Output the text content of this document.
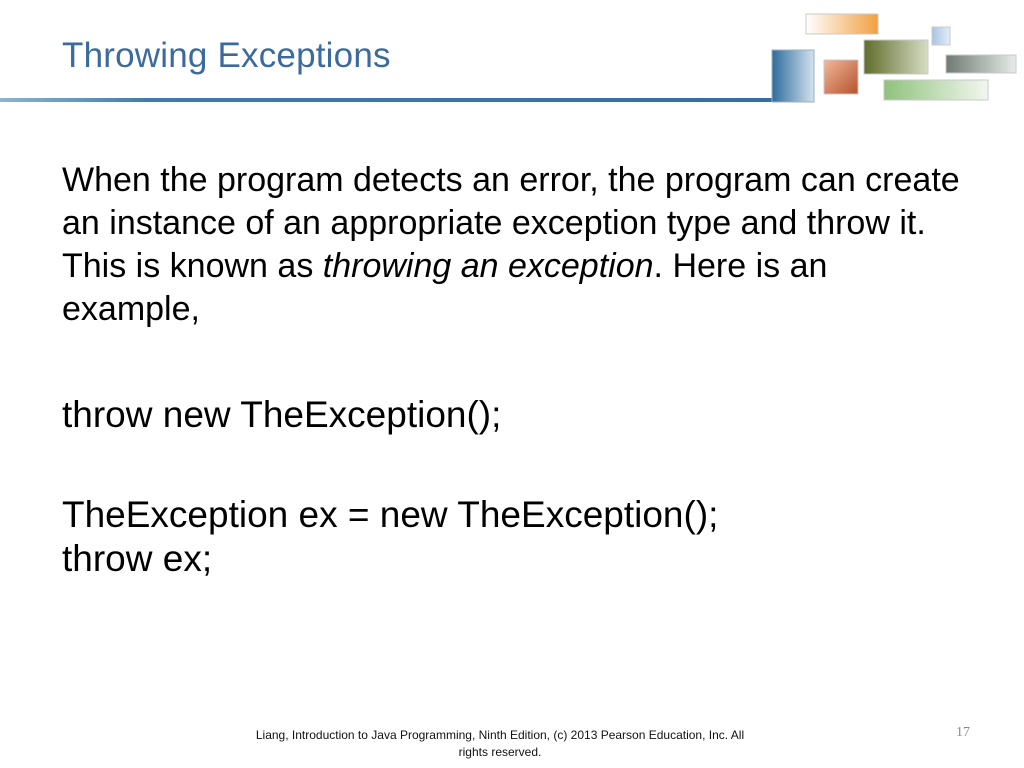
Throwing Exceptions

When the program detects an error, the program can create an instance of an appropriate exception type and throw it. This is known as throwing an exception. Here is an example,

throw new TheException();
TheException ex = new TheException();
throw ex;
Liang, Introduction to Java Programming, Ninth Edition, (c) 2013 Pearson Education, Inc. All
rights reserved.
17
